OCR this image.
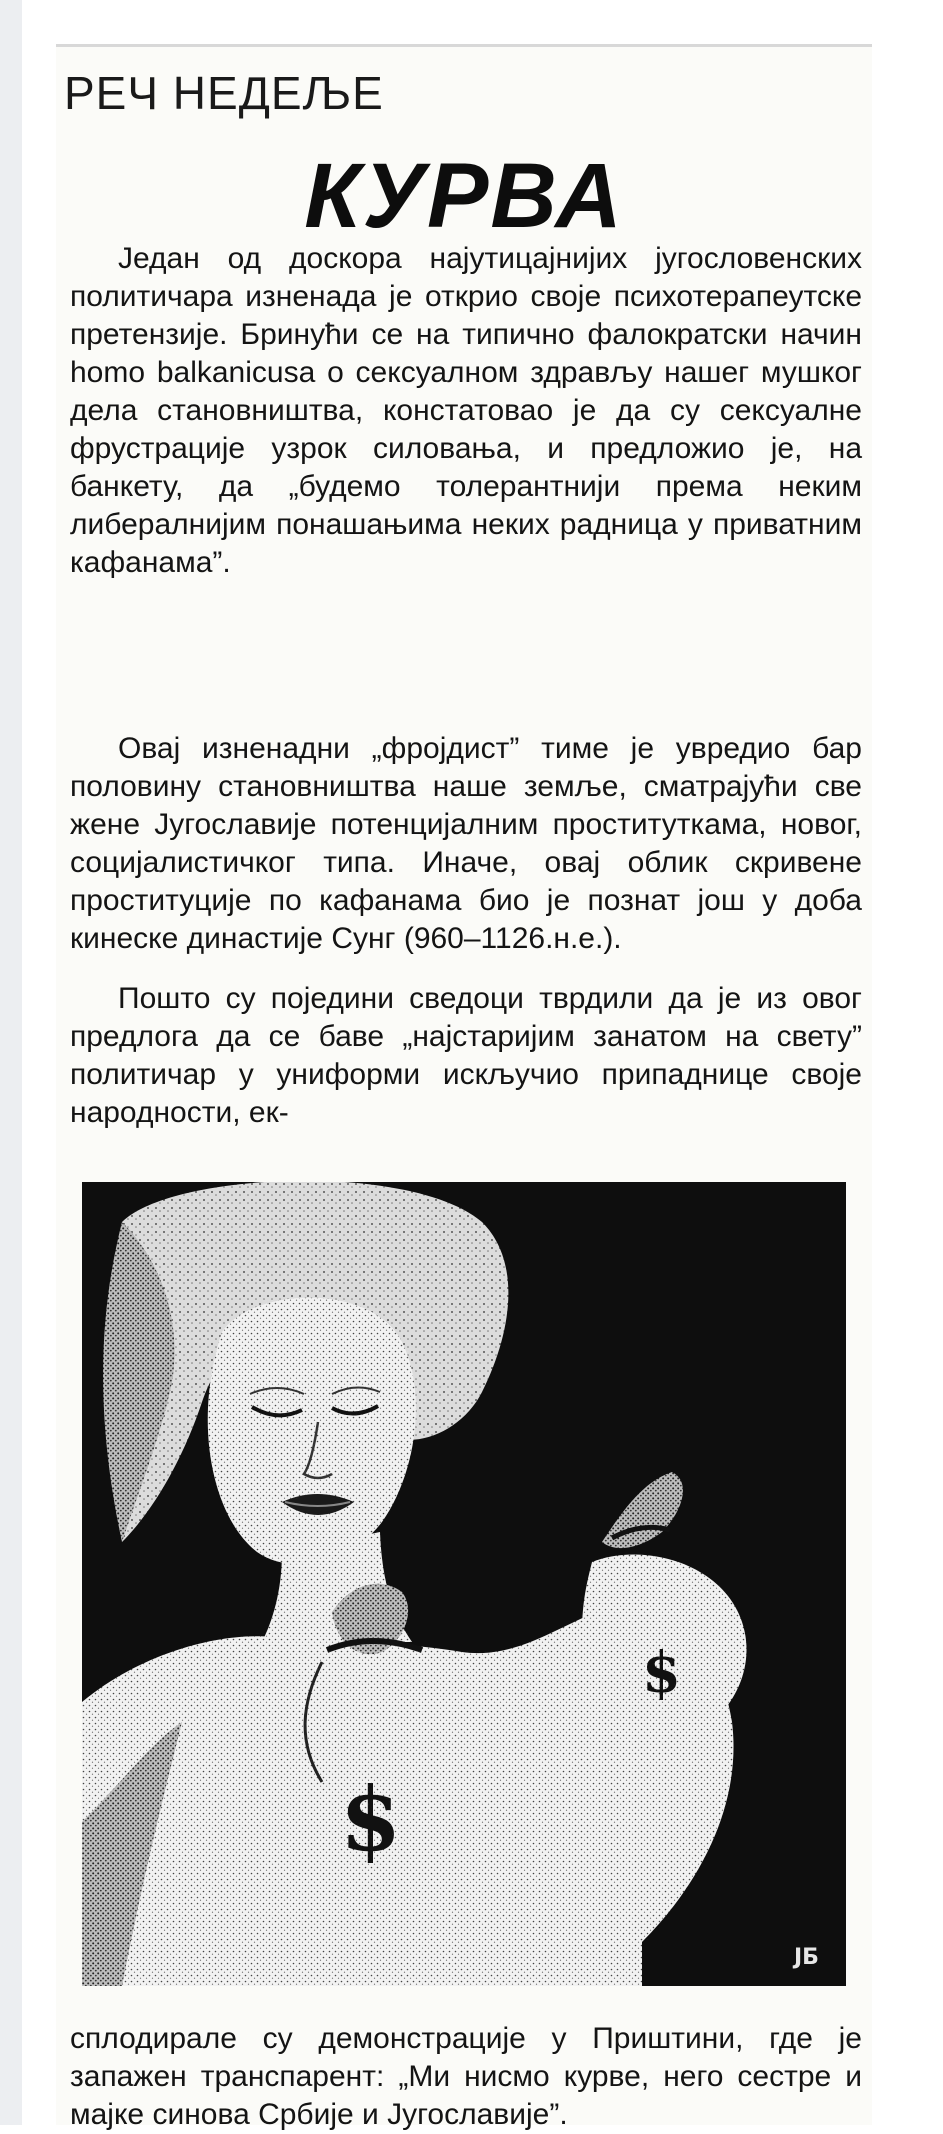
РЕЧ НЕДЕЉЕ
КУРВА

Један од доскора најутицајнијих југословенских политичара изненада је открио своје психотерапеутске претензије. Бринући се на типично фалократски начин homo balkanicusa о сексуалном здрављу нашег мушког дела становништва, констатовао је да су сексуалне фрустрације узрок силовања, и предложио је, на банкету, да „будемо толерантнији према неким либералнијим понашањима неких радница у приватним кафанама”.

Овај изненадни „фројдист” тиме је увредио бар половину становништва наше земље, сматрајући све жене Југославије потенцијалним проституткама, новог, социјалистичког типа. Иначе, овај облик скривене проституције по кафанама био је познат још у доба кинеске династије Сунг (960–1126.н.е.).

Пошто су поједини сведоци тврдили да је из овог предлога да се баве „најстаријим занатом на свету” политичар у униформи искључио припаднице своје народности, ек-

$
$
ЈБ

сплодирале су демонстрације у Приштини, где је запажен транспарент: „Ми нисмо курве, него сестре и мајке синова Србије и Југославије”.
